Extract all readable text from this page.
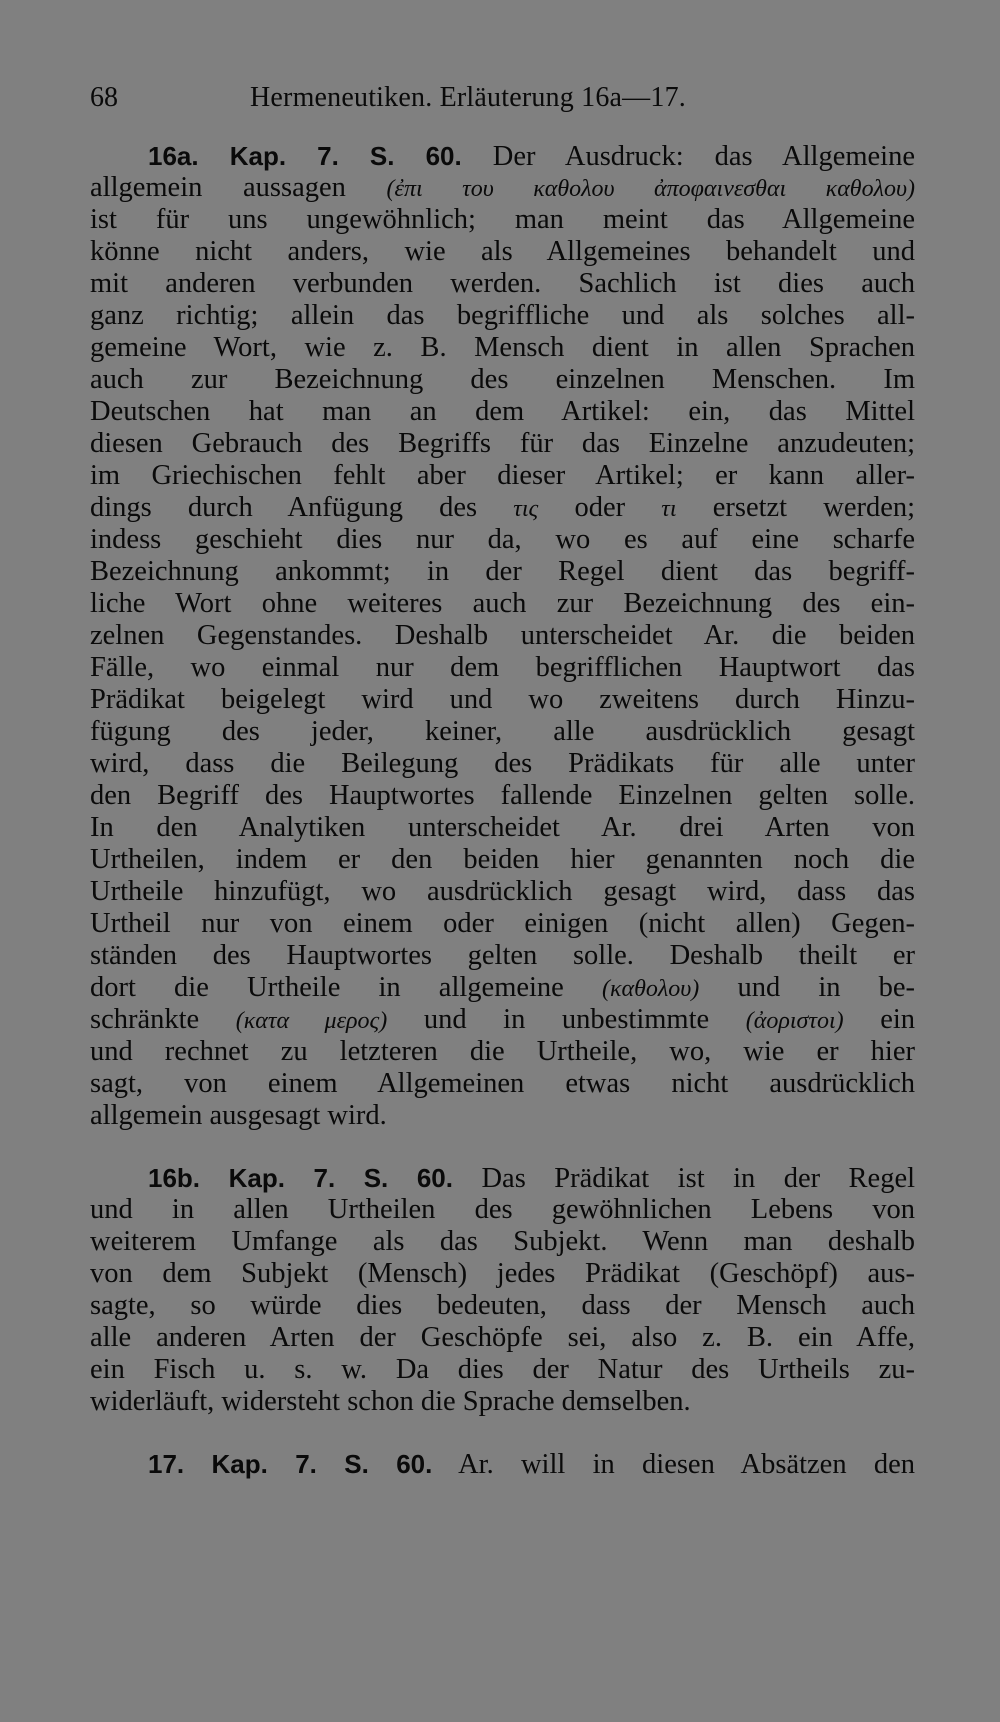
68	Hermeneutiken. Erläuterung 16a—17.
16a. Kap. 7. S. 60. Der Ausdruck: das Allgemeine
allgemein aussagen (ἐπι του καθολου ἀποφαινεσθαι καθολου)
ist für uns ungewöhnlich; man meint das Allgemeine
könne nicht anders, wie als Allgemeines behandelt und
mit anderen verbunden werden. Sachlich ist dies auch
ganz richtig; allein das begriffliche und als solches all-
gemeine Wort, wie z. B. Mensch dient in allen Sprachen
auch zur Bezeichnung des einzelnen Menschen. Im
Deutschen hat man an dem Artikel: ein, das Mittel
diesen Gebrauch des Begriffs für das Einzelne anzudeuten;
im Griechischen fehlt aber dieser Artikel; er kann aller-
dings durch Anfügung des τις oder τι ersetzt werden;
indess geschieht dies nur da, wo es auf eine scharfe
Bezeichnung ankommt; in der Regel dient das begriff-
liche Wort ohne weiteres auch zur Bezeichnung des ein-
zelnen Gegenstandes. Deshalb unterscheidet Ar. die beiden
Fälle, wo einmal nur dem begrifflichen Hauptwort das
Prädikat beigelegt wird und wo zweitens durch Hinzu-
fügung des jeder, keiner, alle ausdrücklich gesagt
wird, dass die Beilegung des Prädikats für alle unter
den Begriff des Hauptwortes fallende Einzelnen gelten solle.
In den Analytiken unterscheidet Ar. drei Arten von
Urtheilen, indem er den beiden hier genannten noch die
Urtheile hinzufügt, wo ausdrücklich gesagt wird, dass das
Urtheil nur von einem oder einigen (nicht allen) Gegen-
ständen des Hauptwortes gelten solle. Deshalb theilt er
dort die Urtheile in allgemeine (καθολου) und in be-
schränkte (κατα μερος) und in unbestimmte (ἀοριστοι) ein
und rechnet zu letzteren die Urtheile, wo, wie er hier
sagt, von einem Allgemeinen etwas nicht ausdrücklich
allgemein ausgesagt wird.
16b. Kap. 7. S. 60. Das Prädikat ist in der Regel
und in allen Urtheilen des gewöhnlichen Lebens von
weiterem Umfange als das Subjekt. Wenn man deshalb
von dem Subjekt (Mensch) jedes Prädikat (Geschöpf) aus-
sagte, so würde dies bedeuten, dass der Mensch auch
alle anderen Arten der Geschöpfe sei, also z. B. ein Affe,
ein Fisch u. s. w. Da dies der Natur des Urtheils zu-
widerläuft, widersteht schon die Sprache demselben.
17. Kap. 7. S. 60. Ar. will in diesen Absätzen den
